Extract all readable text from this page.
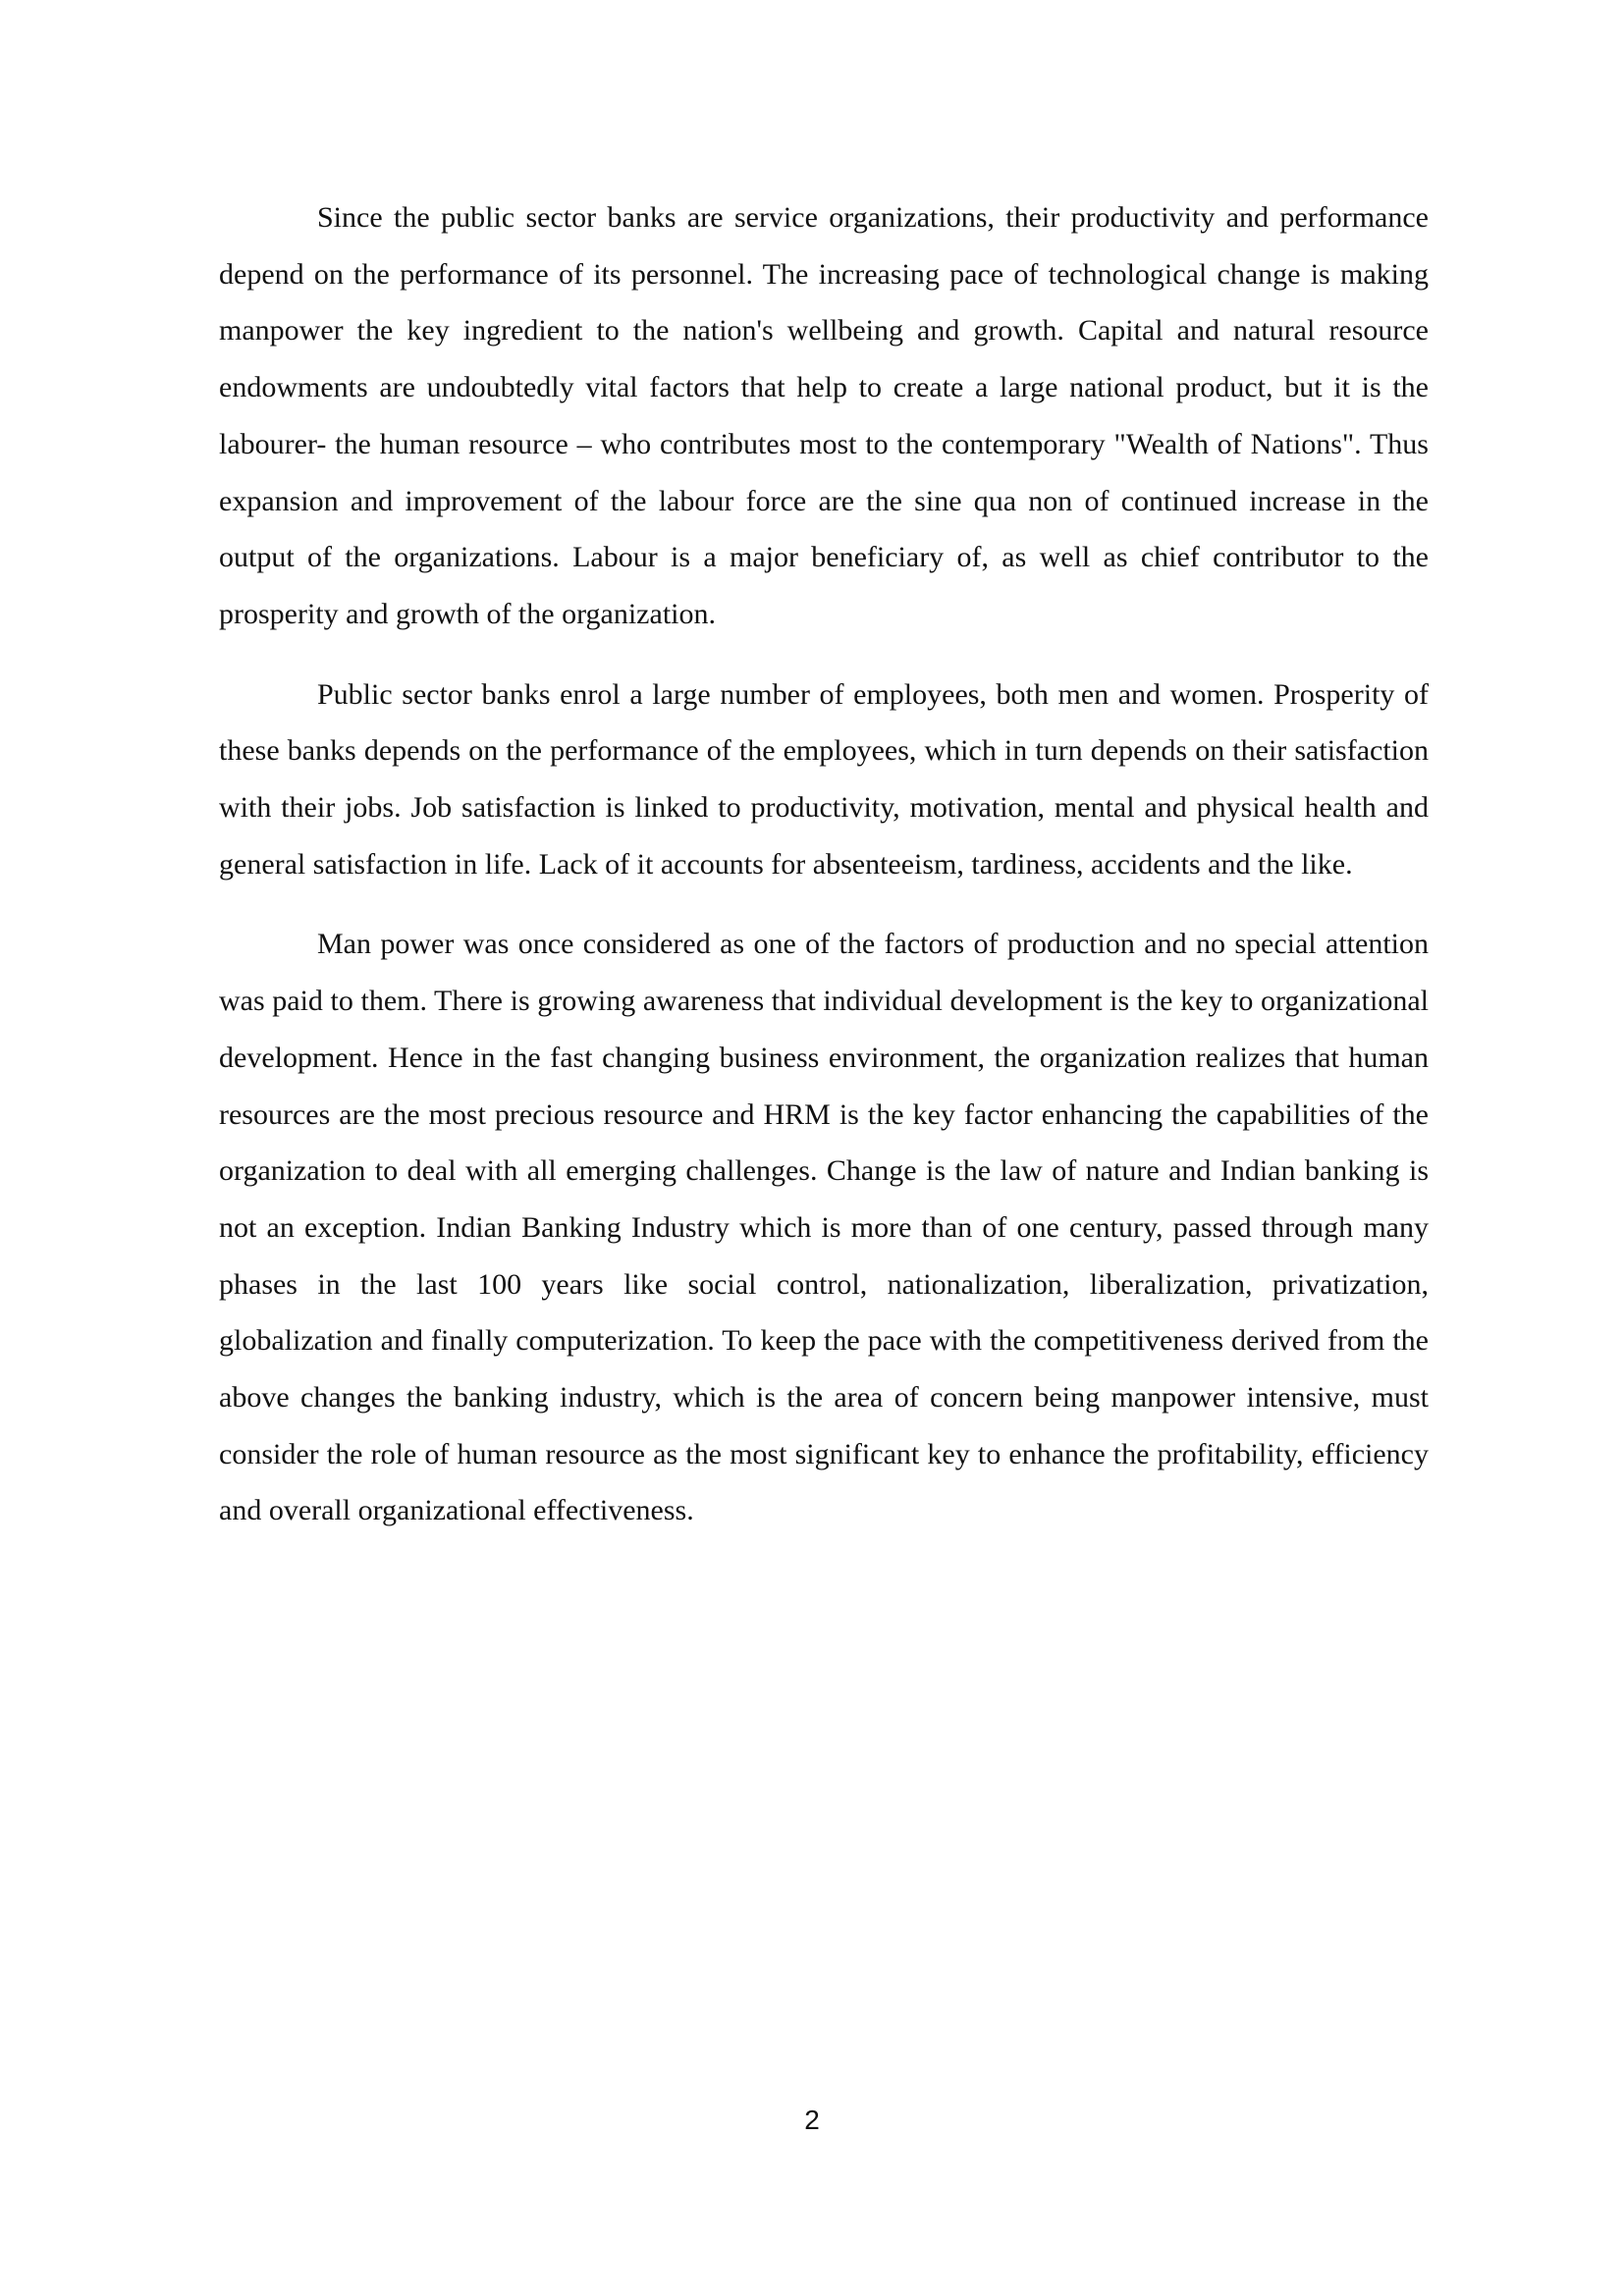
Since the public sector banks are service organizations, their productivity and performance depend on the performance of its personnel. The increasing pace of technological change is making manpower the key ingredient to the nation's wellbeing and growth. Capital and natural resource endowments are undoubtedly vital factors that help to create a large national product, but it is the labourer- the human resource – who contributes most to the contemporary "Wealth of Nations". Thus expansion and improvement of the labour force are the sine qua non of continued increase in the output of the organizations. Labour is a major beneficiary of, as well as chief contributor to the prosperity and growth of the organization.

Public sector banks enrol a large number of employees, both men and women. Prosperity of these banks depends on the performance of the employees, which in turn depends on their satisfaction with their jobs. Job satisfaction is linked to productivity, motivation, mental and physical health and general satisfaction in life. Lack of it accounts for absenteeism, tardiness, accidents and the like.

Man power was once considered as one of the factors of production and no special attention was paid to them. There is growing awareness that individual development is the key to organizational development. Hence in the fast changing business environment, the organization realizes that human resources are the most precious resource and HRM is the key factor enhancing the capabilities of the organization to deal with all emerging challenges. Change is the law of nature and Indian banking is not an exception. Indian Banking Industry which is more than of one century, passed through many phases in the last 100 years like social control, nationalization, liberalization, privatization, globalization and finally computerization. To keep the pace with the competitiveness derived from the above changes the banking industry, which is the area of concern being manpower intensive, must consider the role of human resource as the most significant key to enhance the profitability, efficiency and overall organizational effectiveness.

2
